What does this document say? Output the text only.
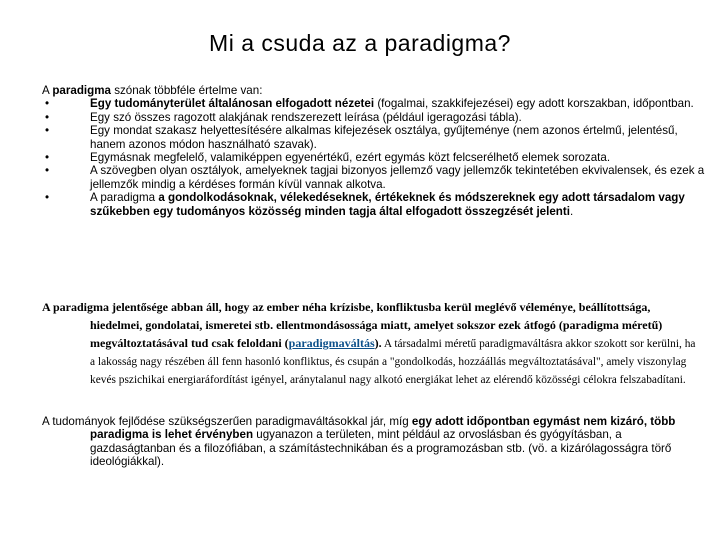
Mi a csuda az a paradigma?

A paradigma szónak többféle értelme van:

•	Egy tudományterület általánosan elfogadott nézetei (fogalmai, szakkifejezései) egy adott korszakban, időpontban.
•	Egy szó összes ragozott alakjának rendszerezett leírása (például igeragozási tábla).
•	Egy mondat szakasz helyettesítésére alkalmas kifejezések osztálya, gyűjteménye (nem azonos értelmű, jelentésű, hanem azonos módon használható szavak).
•	Egymásnak megfelelő, valamiképpen egyenértékű, ezért egymás közt felcserélhető elemek sorozata.
•	A szövegben olyan osztályok, amelyeknek tagjai bizonyos jellemző vagy jellemzők tekintetében ekvivalensek, és ezek a jellemzők mindig a kérdéses formán kívül vannak alkotva.
•	A paradigma a gondolkodásoknak, vélekedéseknek, értékeknek és módszereknek egy adott társadalom vagy szűkebben egy tudományos közösség minden tagja által elfogadott összegzését jelenti.

A paradigma jelentősége abban áll, hogy az ember néha krízisbe, konfliktusba kerül meglévő véleménye, beállítottsága, hiedelmei, gondolatai, ismeretei stb. ellentmondásossága miatt, amelyet sokszor ezek átfogó (paradigma méretű) megváltoztatásával tud csak feloldani (paradigmaváltás). A társadalmi méretű paradigmaváltásra akkor szokott sor kerülni, ha a lakosság nagy részében áll fenn hasonló konfliktus, és csupán a "gondolkodás, hozzáállás megváltoztatásával", amely viszonylag kevés pszichikai energiaráfordítást igényel, aránytalanul nagy alkotó energiákat lehet az elérendő közösségi célokra felszabadítani.

A tudományok fejlődése szükségszerűen paradigmaváltásokkal jár, míg egy adott időpontban egymást nem kizáró, több paradigma is lehet érvényben ugyanazon a területen, mint például az orvoslásban és gyógyításban, a gazdaságtanban és a filozófiában, a számítástechnikában és a programozásban stb. (vö. a kizárólagosságra törő ideológiákkal).
